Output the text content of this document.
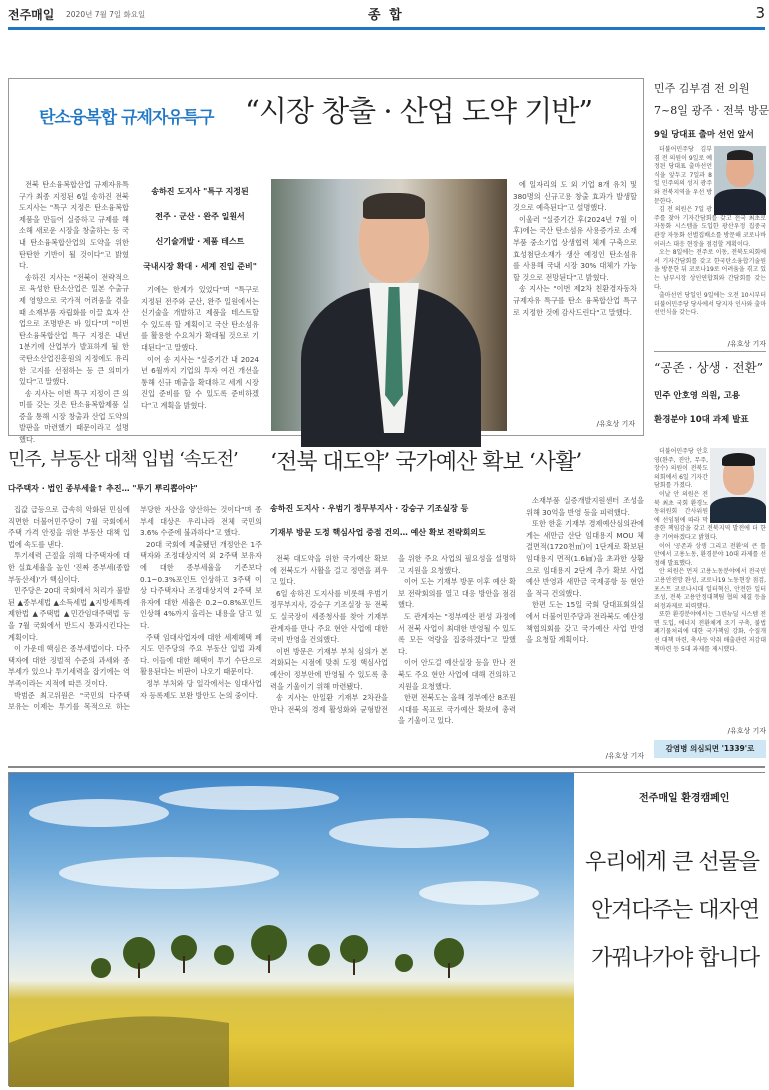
전주매일 2020년 7월 7일 화요일	종 합	3
탄소융복합 규제자유특구 “시장 창출 · 산업 도약 기반”

전북 탄소융복합산업 규제자유특구가 최종 지정된 6일 송하진 전북도지사는 "특구 지정은 탄소융복합 제품을 만들어 실증하고 규제를 해소해 새로운 시장을 창출하는 등 국내 탄소융복합산업의 도약을 위한 탄탄한 기반이 될 것이다"고 밝혔다.

송하진 지사는 "전북이 전략적으로 육성한 탄소산업은 일본 수출규제 영향으로 국가적 어려움을 겪을 때 소재부품 자립화를 이끌 효자 산업으로 조명받은 바 있다"며 "이번 탄소융복합산업 특구 지정은 내년 1분기에 산업부가 발표하게 될 한국탄소산업진흥원의 지정에도 유리한 고지를 선점하는 등 큰 의미가 있다"고 말했다.

송 지사는 이번 특구 지정이 큰 의미를 갖는 것은 탄소융복합제품 실증을 통해 시장 창출과 산업 도약의 발판을 마련했기 때문이라고 설명했다.

송하진 도지사 "특구 지정된
전주 · 군산 · 완주 일원서
신기술개발 · 제품 테스트
국내시장 확대 · 세계 진입 준비"

기에는 한계가 있었다"며 "특구로 지정된 전주와 군산, 완주 일원에서는 신기술을 개발하고 제품을 테스트할 수 있도록 할 계획이고 국산 탄소섬유를 활용한 수요처가 확대될 것으로 기대된다"고 말했다.

이어 송 지사는 "실증기간 내 2024년 6월까지 기업의 투자 여건 개선을 통해 신규 매출을 확대하고 세계 시장 진입 준비를 할 수 있도록 준비하겠다"고 계획을 밝혔다.

에 일자리의 도 외 기업 8개 유치 및 380명의 신규고용 창출 효과가 발생할 것으로 예측된다"고 설명했다.

이울러 "실증기간 후(2024년 7월 이후)에는 국산 탄소섬유 사용증가로 소재부품 중소기업 상생협력 체계 구축으로 효성첨단소재가 생산 예정인 탄소섬유를 사용해 국내 시장 30% 대체가 가능할 것으로 전망된다"고 밝혔다.

송 지사는 "이번 제2차 친환경자동차 규제자유 특구를 탄소 융복합산업 특구로 지정한 것에 감사드린다"고 말했다.

/유호상 기자
민주 김부겸 전 의원
7~8일 광주 · 전북 방문
9일 당대표 출마 선언 앞서

더불어민주당 김부겸 전 의원이 9일로 예정된 당대표 출마선언식을 앞두고 7일과 8일 민주의의 성지 광주와 전북지역을 우선 방문한다.

김 전 의원은 7일 광주를 찾아 기자간담회를 갖고 전국 최초로 자동화 시스템을 도입한 광산우정 집중국 관장 자동화 선별집배소를 방문해 코로나바이러스 대응 현장을 점검할 계획이다.

오는 8일에는 전주로 이동, 전북도의회에서 기자간담회를 갖고 한국탄소융합기술원을 방문한 뒤 코로나19로 어려움을 겪고 있는 남부시장 상인연합회와 간담회를 갖는다.

출마선언 당일인 9일에는 오전 10시부터 더불어민주당 당사에서 당지자 인사와 출마선언식을 갖는다.

/유호상 기자
“공존 · 상생 · 전환”
민주 안호영 의원, 고용
환경분야 10대 과제 발표

더불어민주당 안호영(완주, 진안, 무주, 장수) 의원이 전북도의회에서 6일 기자간담회를 가졌다.

이날 안 의원은 전북 최초 국회 환경노동위원회 간사위원에 선임됨에 따라 막중한 책임감을 갖고 전북지역 발전에 더 한층 기여하겠다고 밝혔다.

이어 '공존과 상생 그리고 전환'의 큰 틀안에서 고용노동, 환경분야 10대 과제를 선정해 발표했다.

안 의원은 먼저 고용노동분야에서 전국민 고용안전망 완성, 코로나19 노동현장 점검, 포스트 코로나시대 일터혁신, 안전한 일터조성, 전북 고용안정대책팀 협의 체결 등을 의정과제로 피력했다.

또한 환경분야에서는 그린뉴딜 시스템 전면 도입, 에너지 전환체계 조기 구축, 불법폐기물처리에 대한 국가책임 강화, 수질개선 대책 마련, 축사등 악취 배출관련 저감대책마련 등 5대 과제를 제시했다.

/유호상 기자
감염병 의심되면 '1339'로
민주, 부동산 대책 입법 ‘속도전’
다주택자 · 법인 종부세율↑ 추진… "투기 뿌리뽑아야"

집값 급등으로 급속히 악화된 민심에 직면한 더불어민주당이 7월 국회에서 주택 가격 안정을 위한 부동산 대책 입법에 속도를 낸다.

투기세력 근절을 위해 다주택자에 대한 실효세율을 높인 '진짜 종부세(종합부동산세)'가 핵심이다.

민주당은 20대 국회에서 처리가 불발된 ▲종부세법 ▲소득세법 ▲지방세특례제한법 ▲주택법 ▲민간임대주택법 등을 7월 국회에서 반드시 통과시킨다는 계획이다.

이 가운데 핵심은 종부세법이다. 다주택자에 대한 징벌적 수준의 과세와 종부세가 있으나 투기세력을 잡기에는 역부족이라는 지적에 따른 것이다.

박범준 최고위원은 "국민의 다주택 보유는 이제는 투기를 목적으로 하는 부당한 자산을 양산하는 것이다"며 종부세 대상은 우리나라 전체 국민의 3.6% 수준에 불과하다"고 했다.

20대 국회에 제출됐던 개정안은 1주택자와 조정대상지역 외 2주택 보유자에 대한 종부세율을 기존보다 0.1~0.3%포인트 인상하고 3주택 이상 다주택자나 조정대상지역 2주택 보유자에 대한 세율은 0.2~0.8%포인트 인상해 4%까지 올리는 내용을 담고 있다.

주택 임대사업자에 대한 세제혜택 폐지도 민주당의 주요 부동산 입법 과제다. 이들에 대한 혜택이 투기 수단으로 활용된다는 비판이 나오기 때문이다.

정부 부처와 당 일각에서는 임대사업자 등록제도 보완 방안도 논의 중이다.

‘전북 대도약’ 국가예산 확보 ‘사활’
송하진 도지사 · 우범기 정무부지사 · 강승구 기조실장 등
기재부 방문 도정 핵심사업 중점 건의… 예산 확보 전략회의도

전북 대도약을 위한 국가예산 확보에 전북도가 사활을 걸고 정면을 꾀우고 있다.

6일 송하진 도지사를 비롯해 우범기 정무부지사, 강승구 기조실장 등 전북도 실국장이 세종청사를 찾아 기재부 관계자를 만나 주요 현안 사업에 대한 국비 반영을 건의했다.

이번 방문은 기재부 부처 심의가 본격화되는 시점에 맞춰 도정 핵심사업 예산이 정부안에 반영될 수 있도록 총력을 기울이기 위해 마련됐다.

송 지사는 안일환 기재부 2차관을 만나 전북의 경제 활성화와 균형발전을 위한 주요 사업의 필요성을 설명하고 지원을 요청했다.

이어 도는 기재부 방문 이후 예산 확보 전략회의를 열고 대응 방안을 점검했다.

도 관계자는 "정부예산 편성 과정에서 전북 사업이 최대한 반영될 수 있도록 모든 역량을 집중하겠다"고 말했다.

이어 안도걸 예산실장 등을 만나 전북도 주요 현안 사업에 대해 건의하고 지원을 요청했다.

한편 전북도는 올해 정부예산 8조원 시대를 목표로 국가예산 확보에 총력을 기울이고 있다.

소재부품 실증개발지원센터 조성을 위해 30억을 반영 등을 피력했다.

또한 한훈 기재부 경제예산심의관에게는 새만금 산단 임대용지 MOU 체결면적(1720천㎡)이 1단계로 확보된 임대용지 면적(1.6㎢)을 초과한 상황으로 임대용지 2단계 추가 확보 사업 예산 반영과 새만금 국제공항 등 현안을 적극 건의했다.

한편 도는 15일 국회 당대표회의실에서 더불어민주당과 전라북도 예산정책협의회를 갖고 국가예산 사업 반영을 요청할 계획이다.

/유호상 기자
전주매일 환경캠페인
우리에게 큰 선물을
안겨다주는 대자연
가꿔나가야 합니다
